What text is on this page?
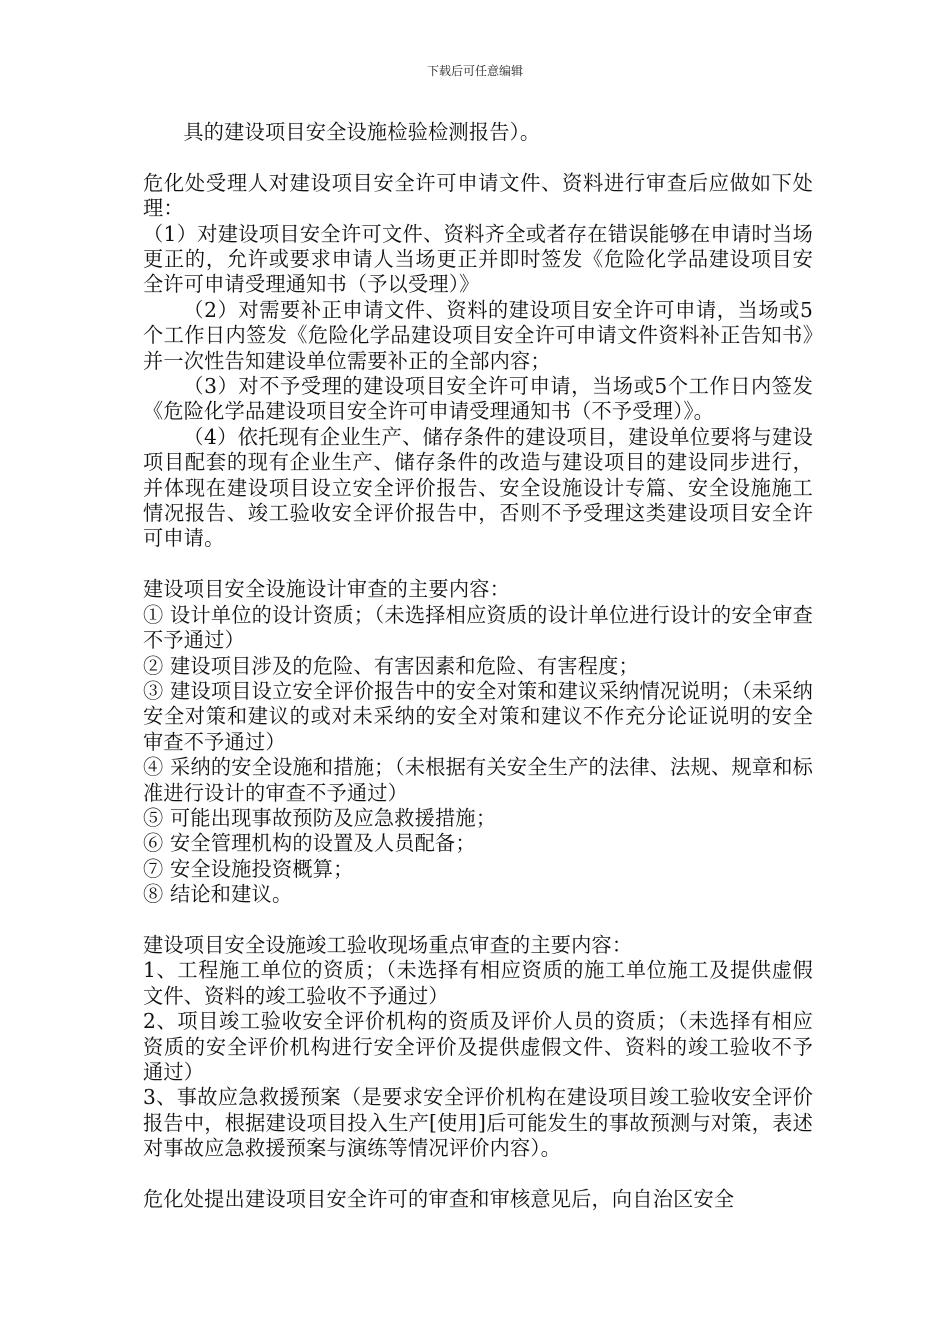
下载后可任意编辑

具的建设项目安全设施检验检测报告）。

危化处受理人对建设项目安全许可申请文件、资料进行审查后应做如下处理：

（1）对建设项目安全许可文件、资料齐全或者存在错误能够在申请时当场更正的，允许或要求申请人当场更正并即时签发《危险化学品建设项目安全许可申请受理通知书（予以受理）》

（2）对需要补正申请文件、资料的建设项目安全许可申请，当场或5个工作日内签发《危险化学品建设项目安全许可申请文件资料补正告知书》并一次性告知建设单位需要补正的全部内容；

（3）对不予受理的建设项目安全许可申请，当场或5个工作日内签发《危险化学品建设项目安全许可申请受理通知书（不予受理）》。

（4）依托现有企业生产、储存条件的建设项目，建设单位要将与建设项目配套的现有企业生产、储存条件的改造与建设项目的建设同步进行，并体现在建设项目设立安全评价报告、安全设施设计专篇、安全设施施工情况报告、竣工验收安全评价报告中，否则不予受理这类建设项目安全许可申请。

建设项目安全设施设计审查的主要内容：

① 设计单位的设计资质；（未选择相应资质的设计单位进行设计的安全审查不予通过）

② 建设项目涉及的危险、有害因素和危险、有害程度；

③ 建设项目设立安全评价报告中的安全对策和建议采纳情况说明；（未采纳安全对策和建议的或对未采纳的安全对策和建议不作充分论证说明的安全审查不予通过）

④ 采纳的安全设施和措施；（未根据有关安全生产的法律、法规、规章和标准进行设计的审查不予通过）

⑤ 可能出现事故预防及应急救援措施；

⑥ 安全管理机构的设置及人员配备；

⑦ 安全设施投资概算；

⑧ 结论和建议。

建设项目安全设施竣工验收现场重点审查的主要内容：

1、工程施工单位的资质；（未选择有相应资质的施工单位施工及提供虚假文件、资料的竣工验收不予通过）

2、项目竣工验收安全评价机构的资质及评价人员的资质；（未选择有相应资质的安全评价机构进行安全评价及提供虚假文件、资料的竣工验收不予通过）

3、事故应急救援预案（是要求安全评价机构在建设项目竣工验收安全评价报告中，根据建设项目投入生产[使用]后可能发生的事故预测与对策，表述对事故应急救援预案与演练等情况评价内容）。

危化处提出建设项目安全许可的审查和审核意见后，向自治区安全
